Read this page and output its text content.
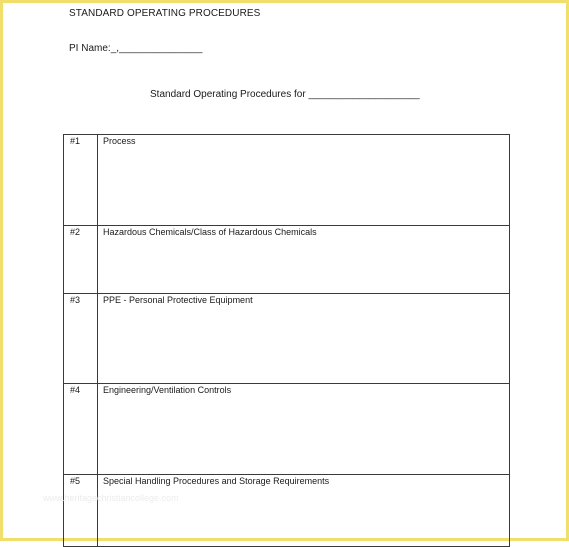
STANDARD OPERATING PROCEDURES
PI Name:_,_______________
Standard Operating Procedures for ____________________
#1	Process

#2	Hazardous Chemicals/Class of Hazardous Chemicals

#3	PPE - Personal Protective Equipment

#4	Engineering/Ventilation Controls

#5	Special Handling Procedures and Storage Requirements
www.heritagechristiancollege.com
